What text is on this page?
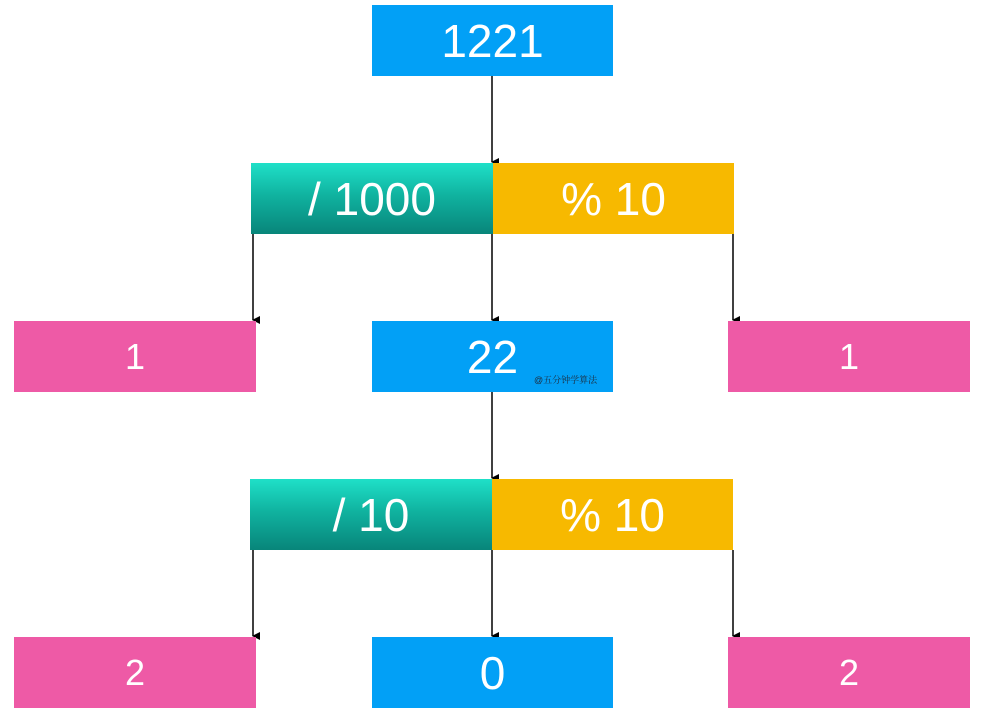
1221
/ 1000	% 10
1	22	1
@五分钟学算法
/ 10	% 10
2	0	2
